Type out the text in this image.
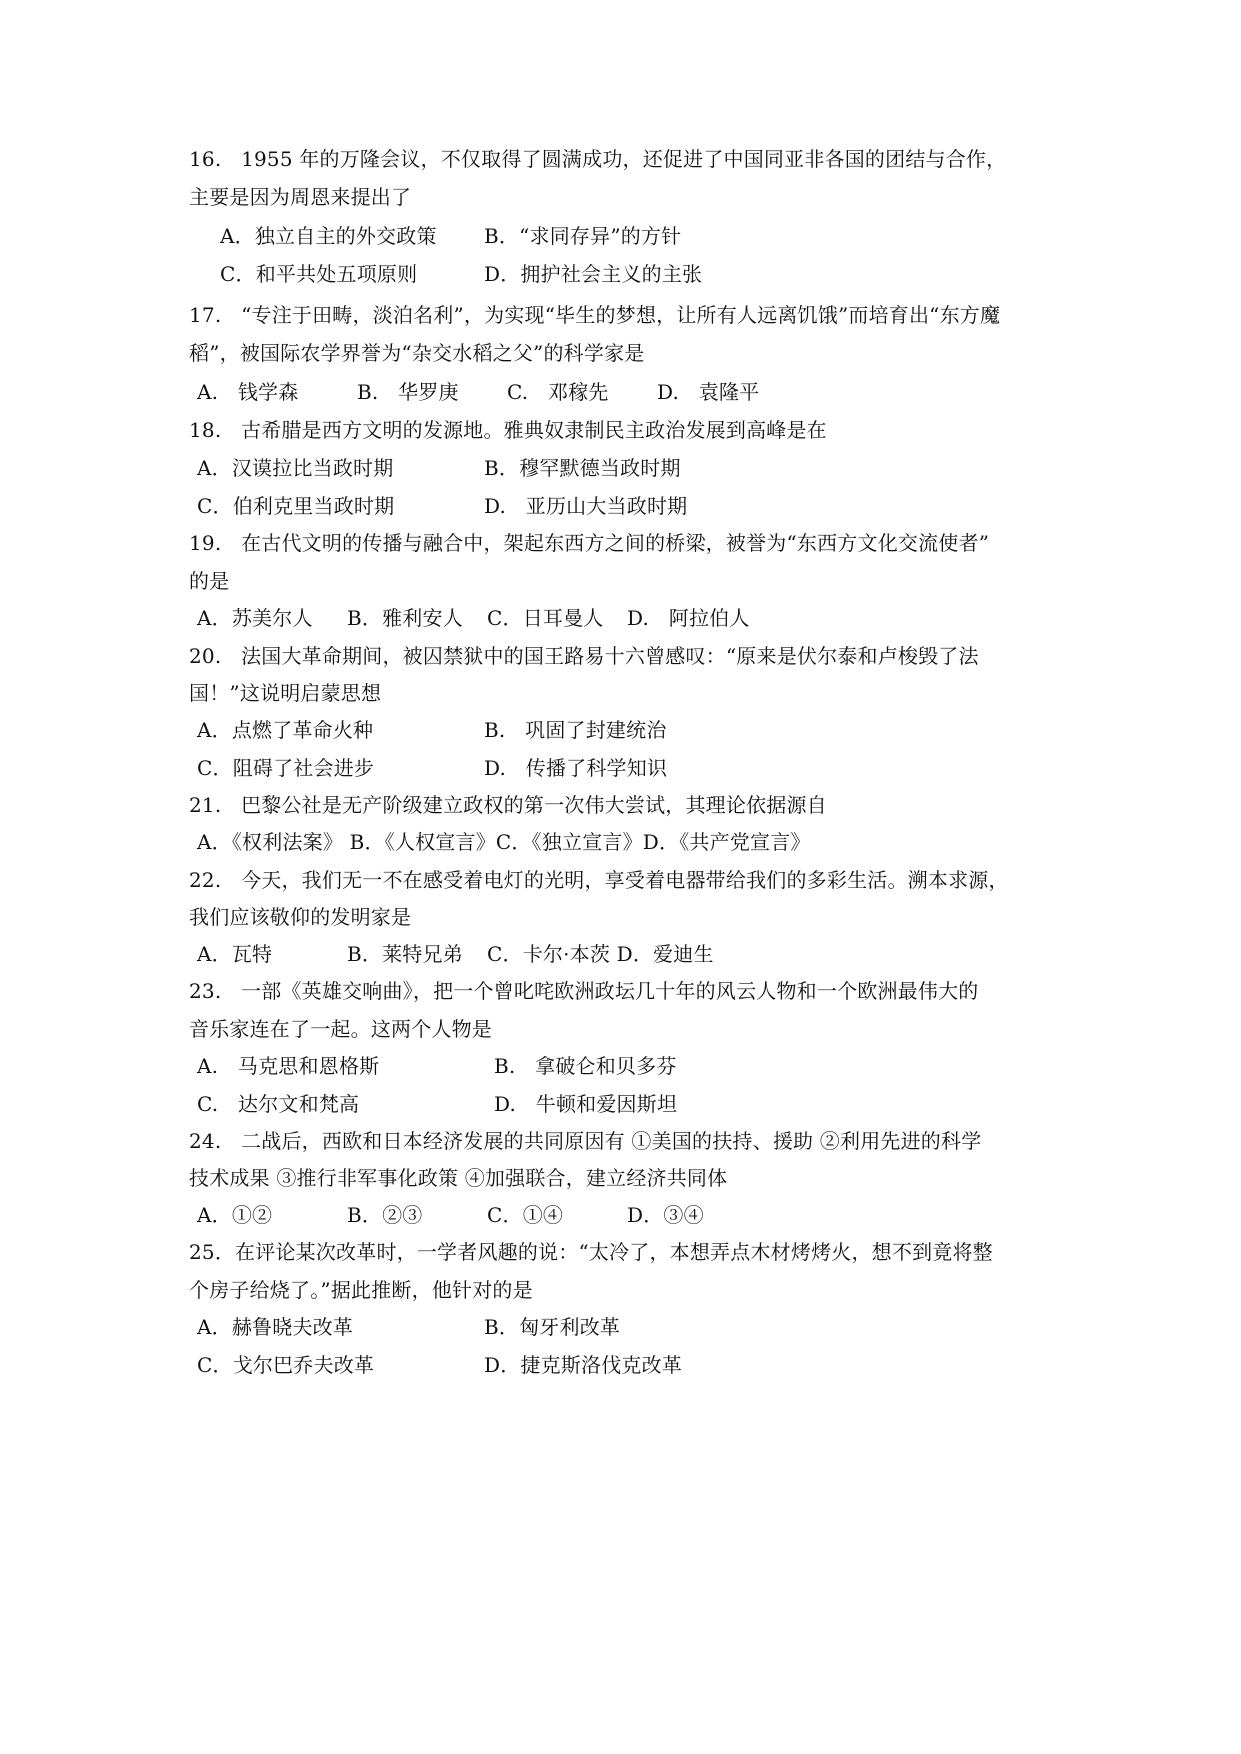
16.   1955 年的万隆会议，不仅取得了圆满成功，还促进了中国同亚非各国的团结与合作，
主要是因为周恩来提出了
A．独立自主的外交政策 B．“求同存异”的方针
C．和平共处五项原则	D．拥护社会主义的主张
17.   “专注于田畴，淡泊名利”，为实现“毕生的梦想，让所有人远离饥饿”而培育出“东方魔
稻”，被国际农学界誉为“杂交水稻之父”的科学家是
A.   钱学森	B.   华罗庚 C.   邓稼先 D.   袁隆平
18.   古希腊是西方文明的发源地。雅典奴隶制民主政治发展到高峰是在
A．汉谟拉比当政时期	B．穆罕默德当政时期
C．伯利克里当政时期	D.   亚历山大当政时期
19.   在古代文明的传播与融合中，架起东西方之间的桥梁，被誉为“东西方文化交流使者”
的是
A．苏美尔人 B．雅利安人 C．日耳曼人 D.   阿拉伯人
20.   法国大革命期间，被囚禁狱中的国王路易十六曾感叹：“原来是伏尔泰和卢梭毁了法
国！”这说明启蒙思想
A．点燃了革命火种	B.   巩固了封建统治
C．阻碍了社会进步	D.   传播了科学知识
21.   巴黎公社是无产阶级建立政权的第一次伟大尝试，其理论依据源自
A．《权利法案》 B．《人权宣言》C．《独立宣言》D．《共产党宣言》
22.   今天，我们无一不在感受着电灯的光明，享受着电器带给我们的多彩生活。溯本求源，
我们应该敬仰的发明家是
A．瓦特	B．莱特兄弟 C．卡尔·本茨 D．爱迪生
23.   一部《英雄交响曲》，把一个曾叱咤欧洲政坛几十年的风云人物和一个欧洲最伟大的
音乐家连在了一起。这两个人物是
A.   马克思和恩格斯	B.   拿破仑和贝多芬
C.   达尔文和梵高	D.   牛顿和爱因斯坦
24.   二战后，西欧和日本经济发展的共同原因有 ①美国的扶持、援助 ②利用先进的科学
技术成果 ③推行非军事化政策 ④加强联合，建立经济共同体
A．①②	B．②③	C．①④	D．③④
25．在评论某次改革时，一学者风趣的说：“太冷了，本想弄点木材烤烤火，想不到竟将整
个房子给烧了。”据此推断，他针对的是
A．赫鲁晓夫改革	B．匈牙利改革
C．戈尔巴乔夫改革	D．捷克斯洛伐克改革
